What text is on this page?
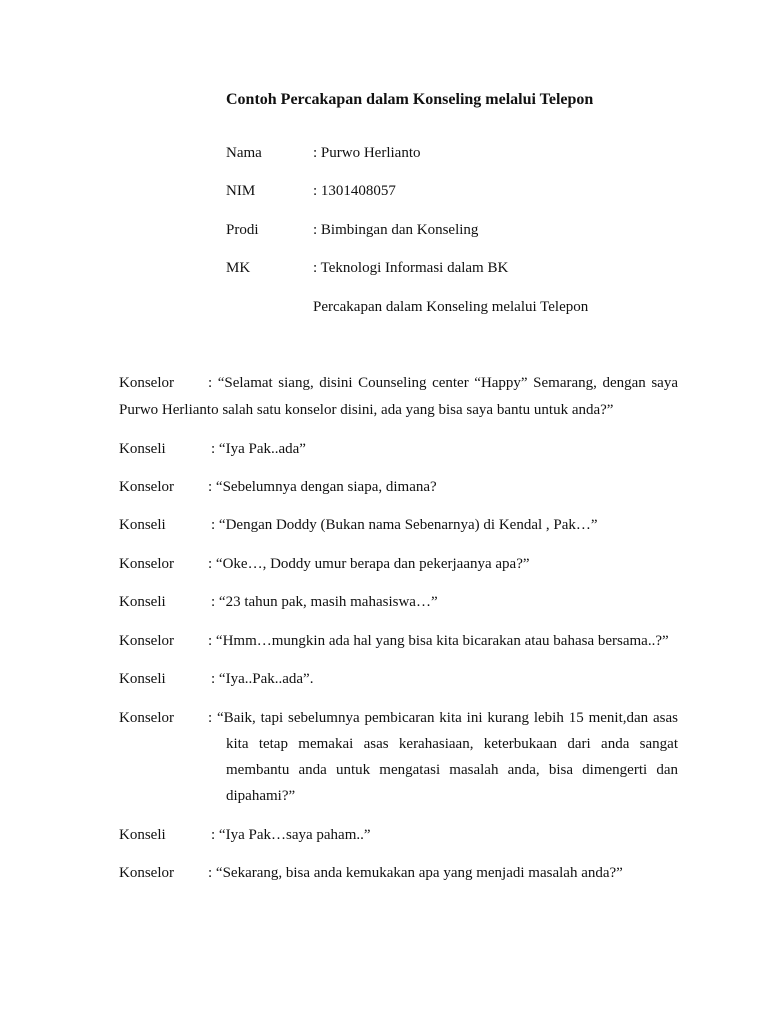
Contoh Percakapan dalam Konseling melalui Telepon
Nama	: Purwo Herlianto
NIM	: 1301408057
Prodi	: Bimbingan dan Konseling
MK	: Teknologi Informasi dalam BK
Percakapan dalam Konseling melalui Telepon
Konselor : “Selamat siang, disini Counseling center “Happy” Semarang, dengan saya
Purwo Herlianto salah satu konselor disini, ada yang bisa saya bantu untuk anda?”
Konseli	: “Iya Pak..ada”
Konselor : “Sebelumnya dengan siapa, dimana?
Konseli	: “Dengan Doddy (Bukan nama Sebenarnya) di Kendal , Pak…”
Konselor : “Oke…, Doddy umur berapa dan pekerjaanya apa?”
Konseli	: “23 tahun pak, masih mahasiswa…”
Konselor : “Hmm…mungkin ada hal yang bisa kita bicarakan atau bahasa bersama..?”
Konseli	: “Iya..Pak..ada”.
Konselor : “Baik, tapi sebelumnya pembicaran kita ini kurang lebih 15 menit,dan asas
kita tetap memakai asas kerahasiaan, keterbukaan dari anda sangat
membantu anda untuk mengatasi masalah anda, bisa dimengerti dan
dipahami?”
Konseli	: “Iya Pak…saya paham..”
Konselor : “Sekarang, bisa anda kemukakan apa yang menjadi masalah anda?”
